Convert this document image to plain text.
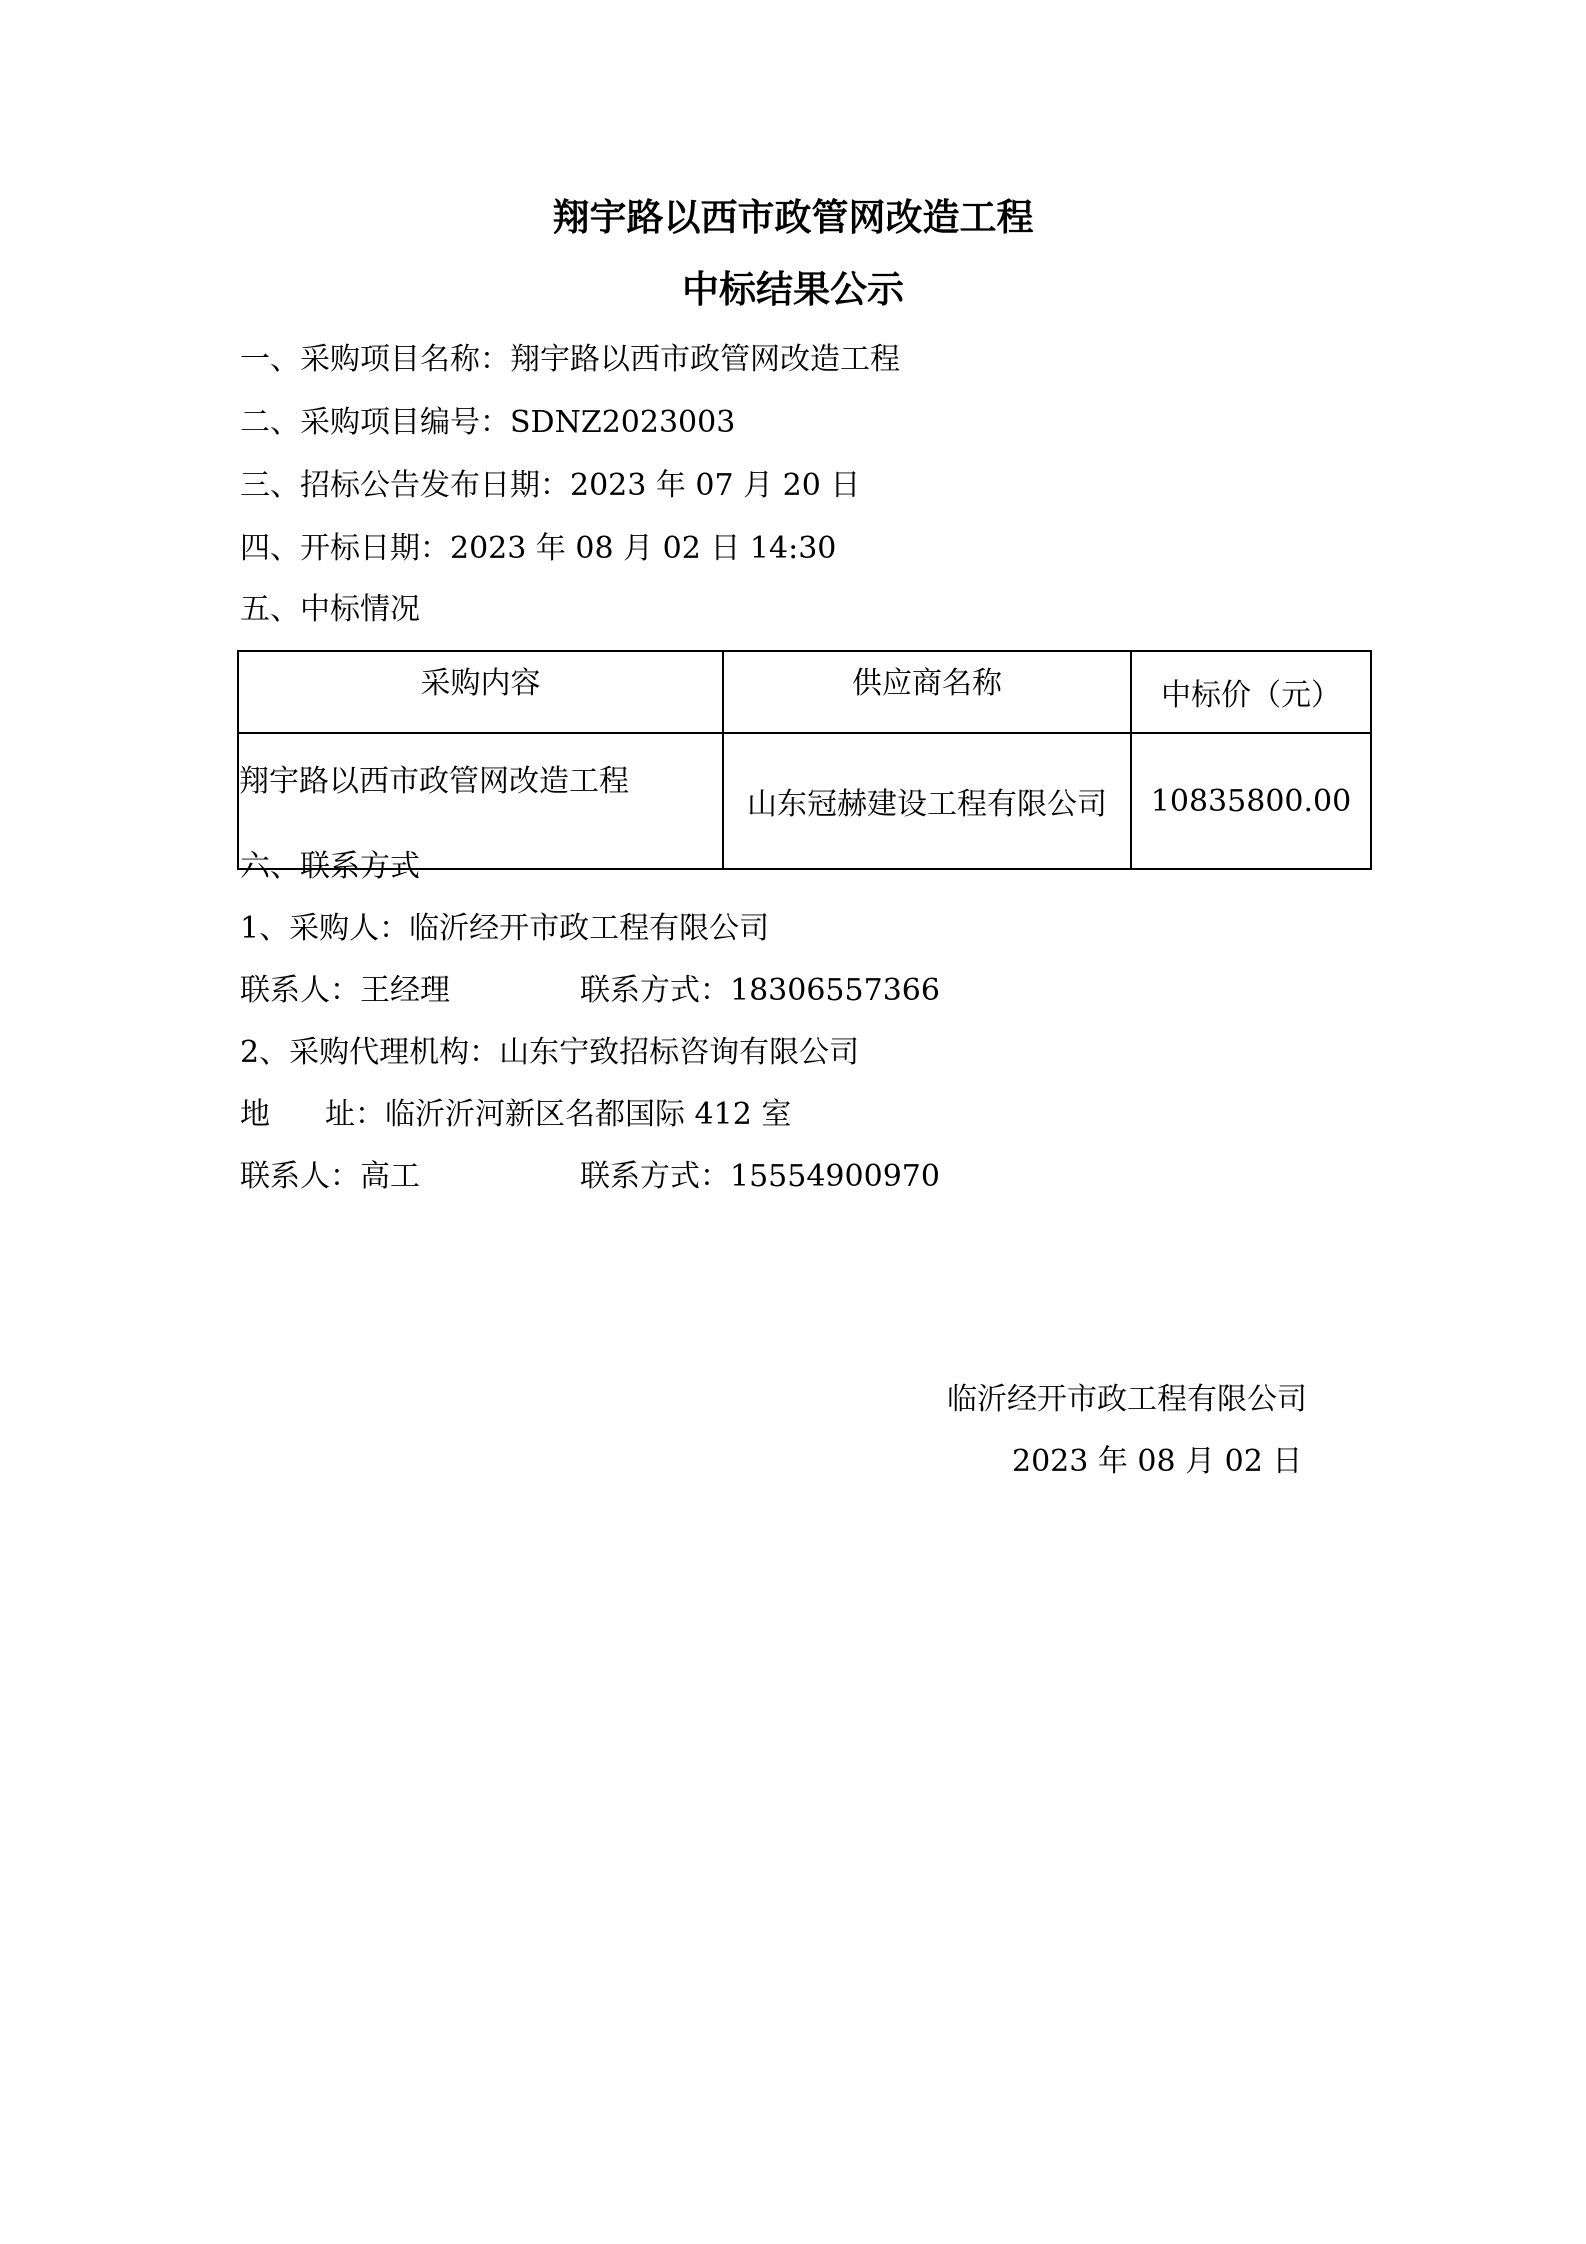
翔宇路以西市政管网改造工程
中标结果公示
一、采购项目名称：翔宇路以西市政管网改造工程
二、采购项目编号：SDNZ2023003
三、招标公告发布日期：2023 年 07 月 20 日
四、开标日期：2023 年 08 月 02 日 14:30
五、中标情况
采购内容	供应商名称	中标价（元）
翔宇路以西市政管网改造工程	山东冠赫建设工程有限公司	10835800.00
六、联系方式
1、采购人：临沂经开市政工程有限公司
联系人：王经理	联系方式：18306557366
2、采购代理机构：山东宁致招标咨询有限公司
地 址：临沂沂河新区名都国际 412 室
联系人：高工	联系方式：15554900970
临沂经开市政工程有限公司
2023 年 08 月 02 日
